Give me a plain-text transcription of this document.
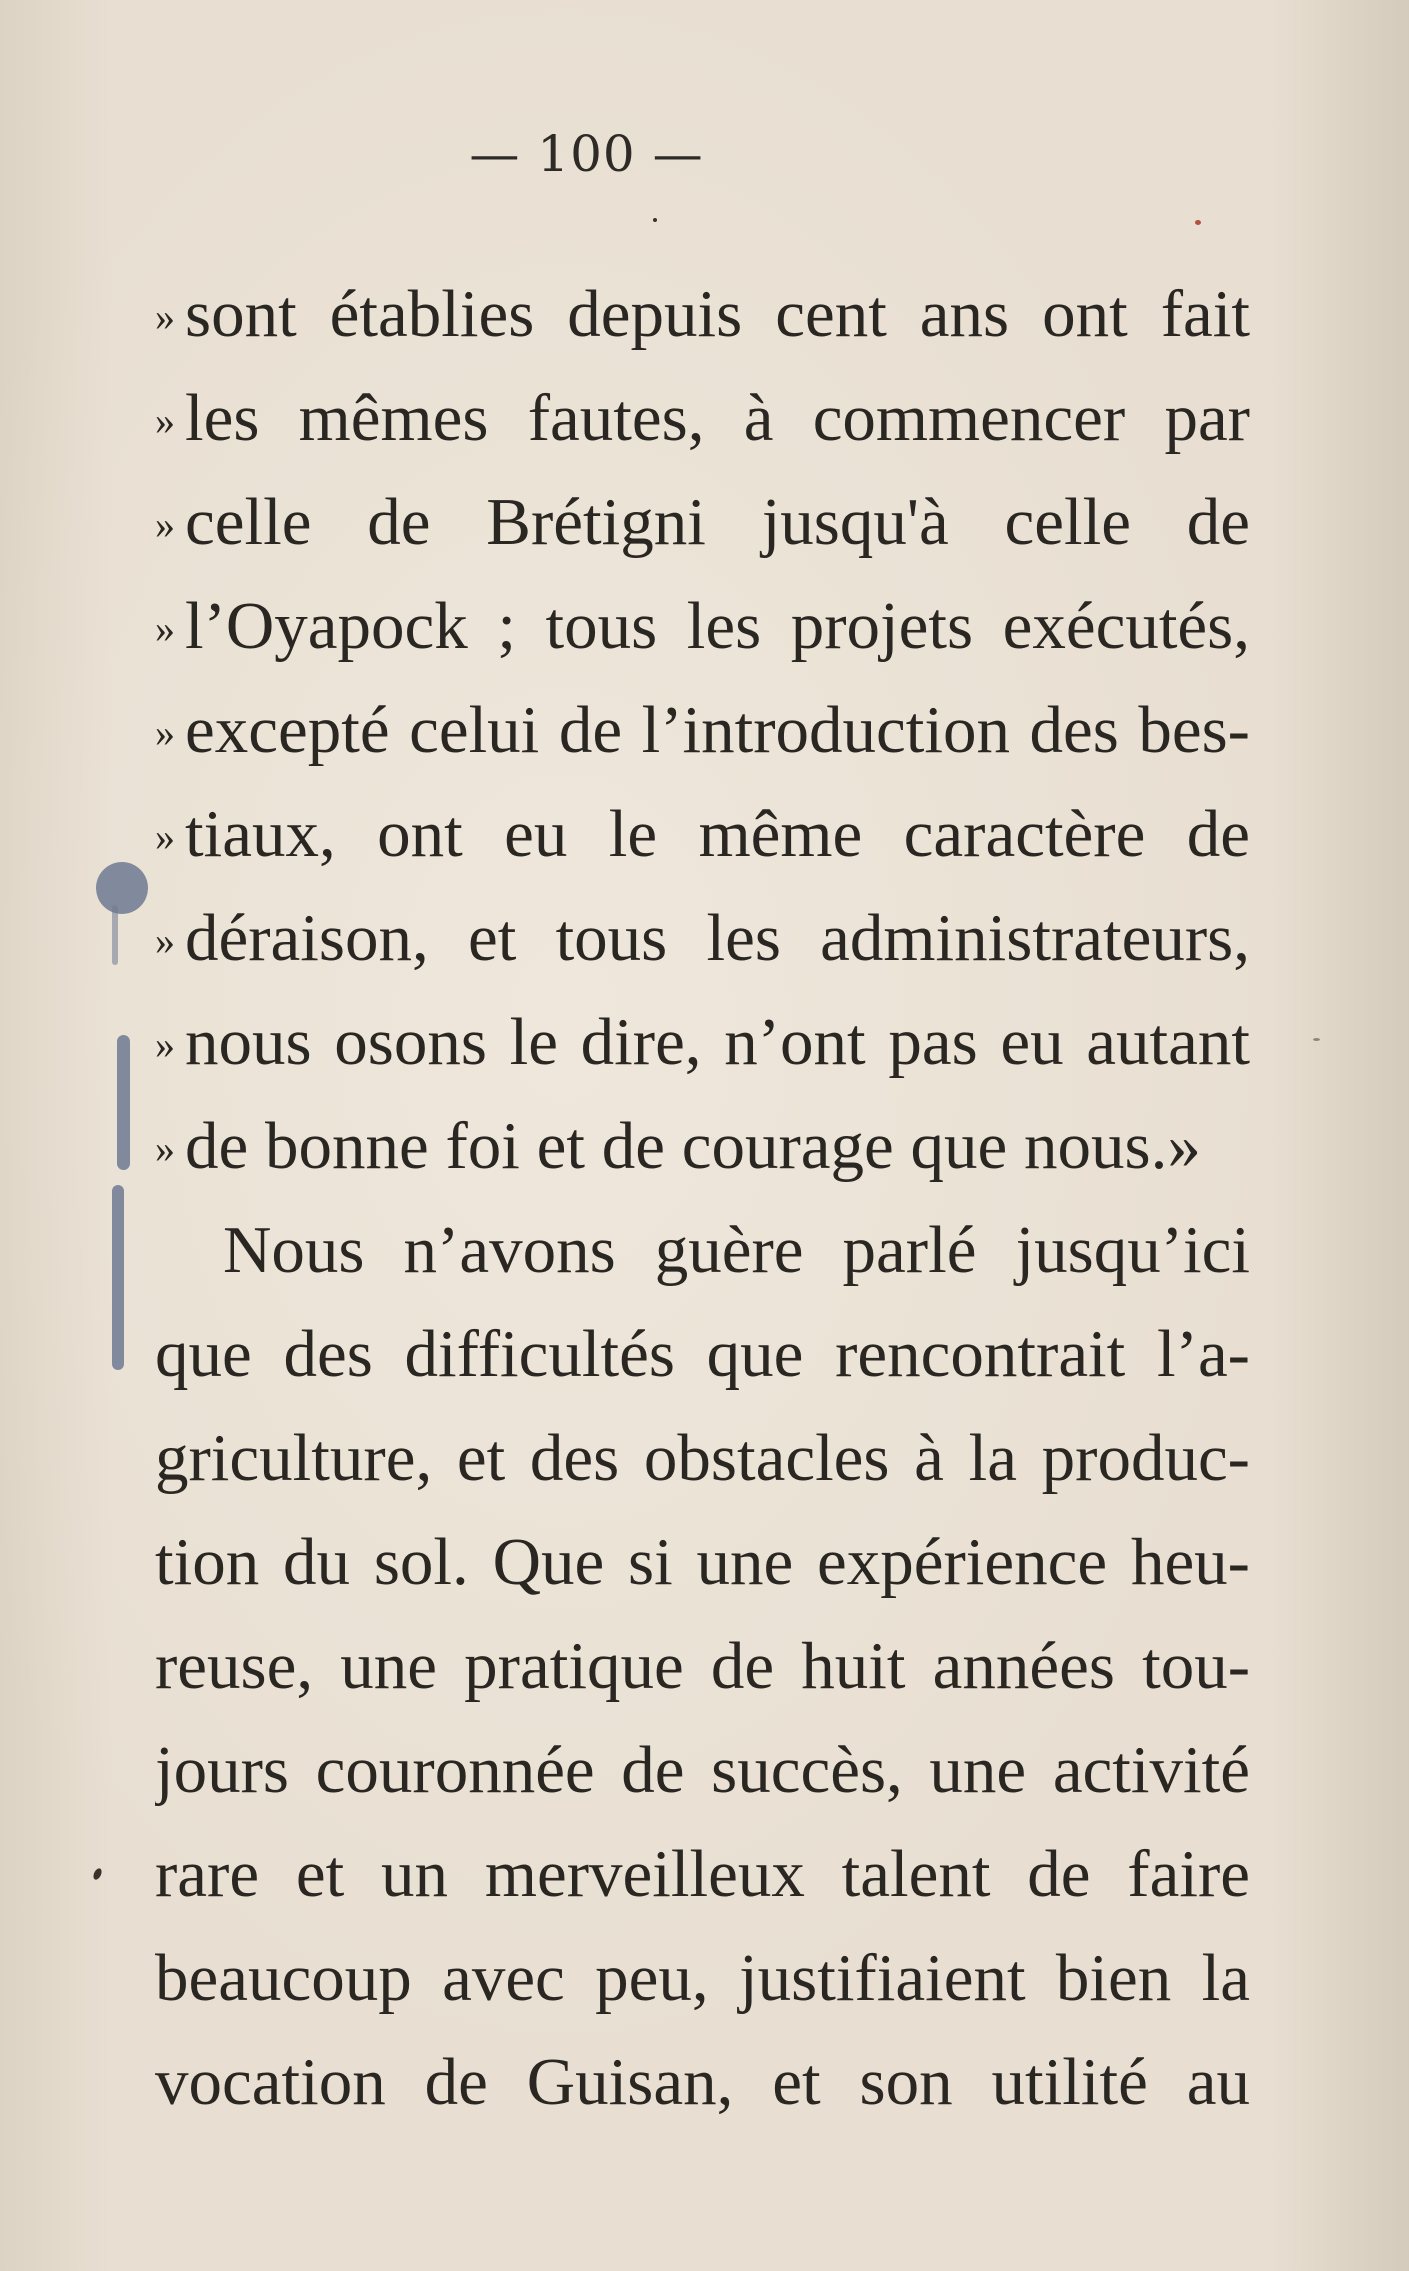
— 100 —
» sont établies depuis cent ans ont fait
» les mêmes fautes, à commencer par
» celle de Brétigni jusqu'à celle de
» l’Oyapock ; tous les projets exécutés,
» excepté celui de l’introduction des bes-
» tiaux, ont eu le même caractère de
» déraison, et tous les administrateurs,
» nous osons le dire, n’ont pas eu autant
» de bonne foi et de courage que nous.»
Nous n’avons guère parlé jusqu’ici
que des difficultés que rencontrait l’a-
griculture, et des obstacles à la produc-
tion du sol. Que si une expérience heu-
reuse, une pratique de huit années tou-
jours couronnée de succès, une activité
rare et un merveilleux talent de faire
beaucoup avec peu, justifiaient bien la
vocation de Guisan, et son utilité au
